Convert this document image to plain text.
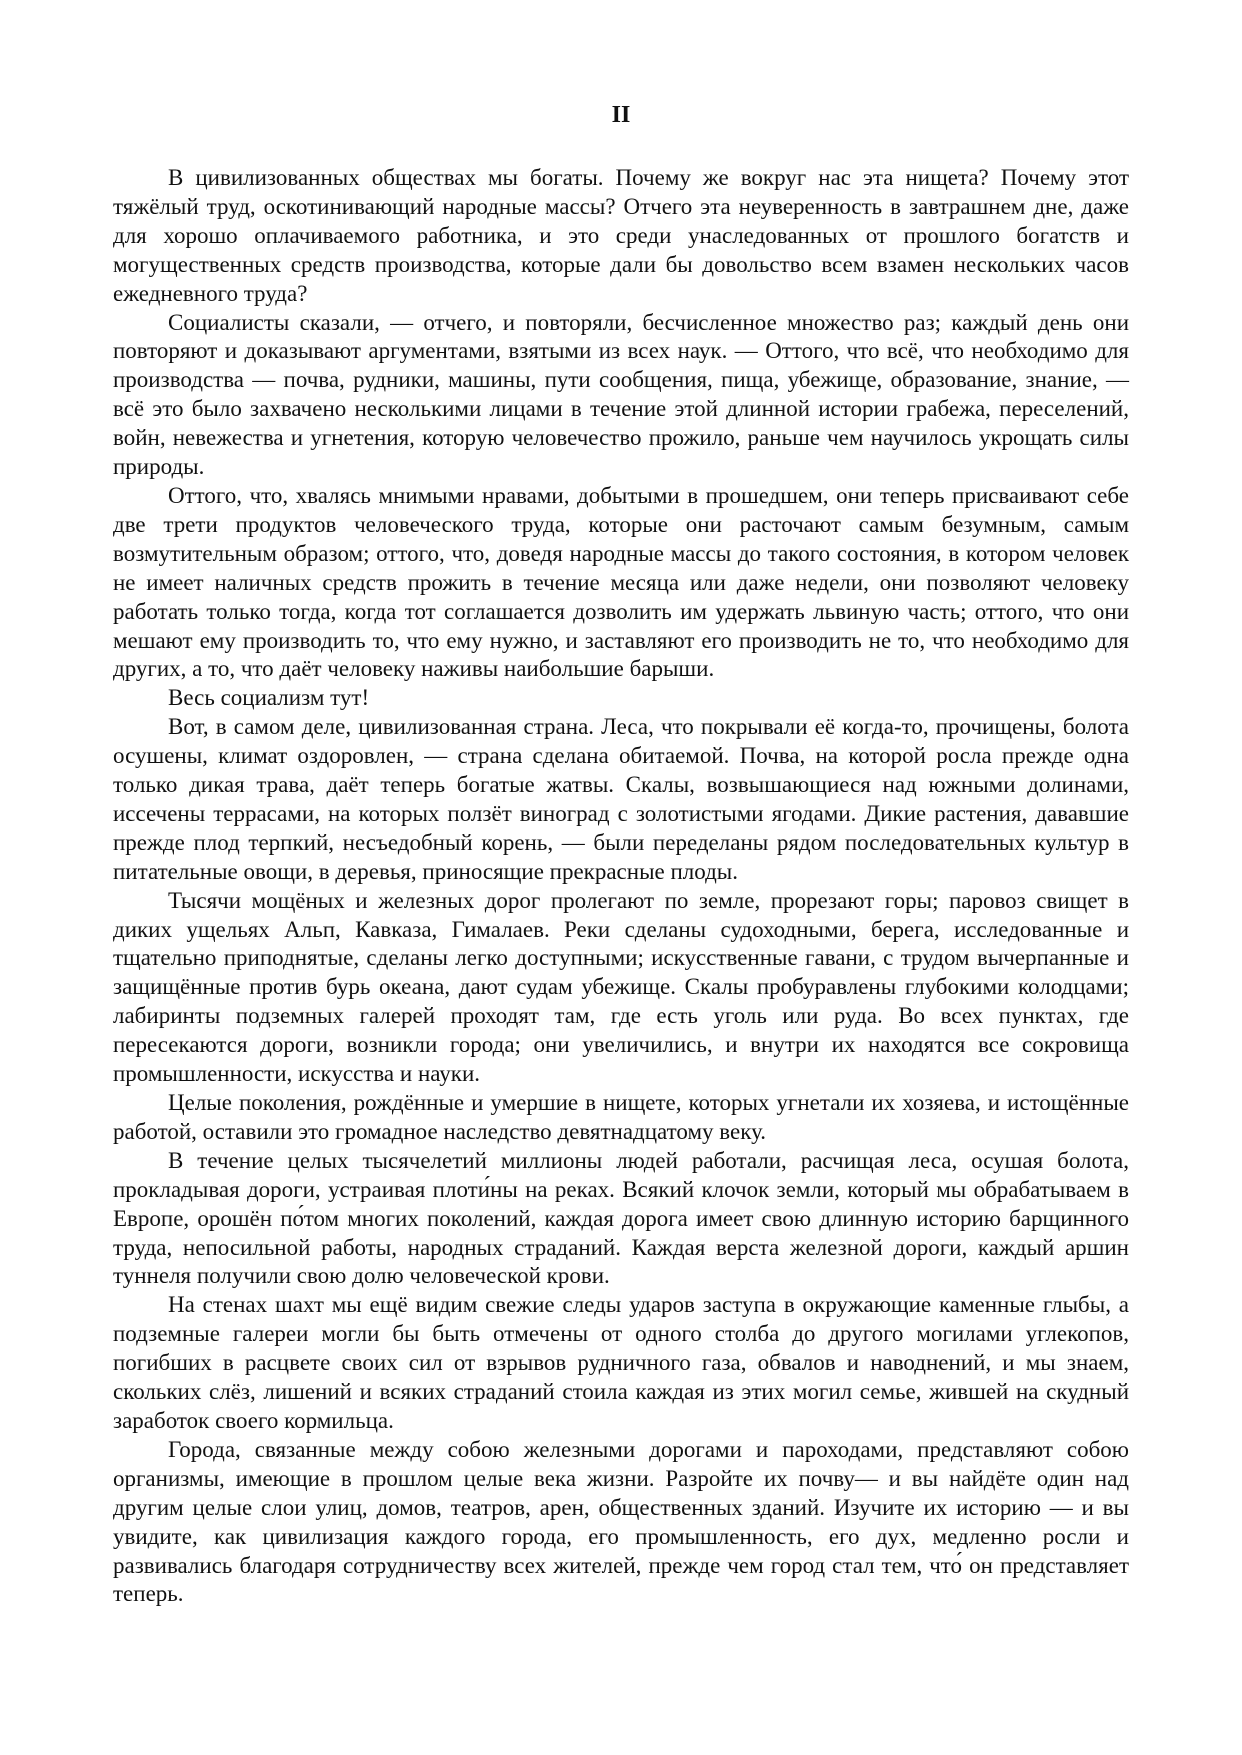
II

В цивилизованных обществах мы богаты. Почему же вокруг нас эта нищета? Почему этот тяжёлый труд, оскотинивающий народные массы? Отчего эта неуверенность в завтрашнем дне, даже для хорошо оплачиваемого работника, и это среди унаследованных от прошлого богатств и могущественных средств производства, которые дали бы довольство всем взамен нескольких часов ежедневного труда?

Социалисты сказали, — отчего, и повторяли, бесчисленное множество раз; каждый день они повторяют и доказывают аргументами, взятыми из всех наук. — Оттого, что всё, что необходимо для производства — почва, рудники, машины, пути сообщения, пища, убежище, образование, знание, — всё это было захвачено несколькими лицами в течение этой длинной истории грабежа, переселений, войн, невежества и угнетения, которую человечество прожило, раньше чем научилось укрощать силы природы.

Оттого, что, хвалясь мнимыми нравами, добытыми в прошедшем, они теперь присваивают себе две трети продуктов человеческого труда, которые они расточают самым безумным, самым возмутительным образом; оттого, что, доведя народные массы до такого состояния, в котором человек не имеет наличных средств прожить в течение месяца или даже недели, они позволяют человеку работать только тогда, когда тот соглашается дозволить им удержать львиную часть; оттого, что они мешают ему производить то, что ему нужно, и заставляют его производить не то, что необходимо для других, а то, что даёт человеку наживы наибольшие барыши.

Весь социализм тут!

Вот, в самом деле, цивилизованная страна. Леса, что покрывали её когда-то, прочищены, болота осушены, климат оздоровлен, — страна сделана обитаемой. Почва, на которой росла прежде одна только дикая трава, даёт теперь богатые жатвы. Скалы, возвышающиеся над южными долинами, иссечены террасами, на которых ползёт виноград с золотистыми ягодами. Дикие растения, дававшие прежде плод терпкий, несъедобный корень, — были переделаны рядом последовательных культур в питательные овощи, в деревья, приносящие прекрасные плоды.

Тысячи мощёных и железных дорог пролегают по земле, прорезают горы; паровоз свищет в диких ущельях Альп, Кавказа, Гималаев. Реки сделаны судоходными, берега, исследованные и тщательно приподнятые, сделаны легко доступными; искусственные гавани, с трудом вычерпанные и защищённые против бурь океана, дают судам убежище. Скалы пробуравлены глубокими колодцами; лабиринты подземных галерей проходят там, где есть уголь или руда. Во всех пунктах, где пересекаются дороги, возникли города; они увеличились, и внутри их находятся все сокровища промышленности, искусства и науки.

Целые поколения, рождённые и умершие в нищете, которых угнетали их хозяева, и истощённые работой, оставили это громадное наследство девятнадцатому веку.

В течение целых тысячелетий миллионы людей работали, расчищая леса, осушая болота, прокладывая дороги, устраивая плоти́ны на реках. Всякий клочок земли, который мы обрабатываем в Европе, орошён по́том многих поколений, каждая дорога имеет свою длинную историю барщинного труда, непосильной работы, народных страданий. Каждая верста железной дороги, каждый аршин туннеля получили свою долю человеческой крови.

На стенах шахт мы ещё видим свежие следы ударов заступа в окружающие каменные глыбы, а подземные галереи могли бы быть отмечены от одного столба до другого могилами углекопов, погибших в расцвете своих сил от взрывов рудничного газа, обвалов и наводнений, и мы знаем, скольких слёз, лишений и всяких страданий стоила каждая из этих могил семье, жившей на скудный заработок своего кормильца.

Города, связанные между собою железными дорогами и пароходами, представляют собою организмы, имеющие в прошлом целые века жизни. Разройте их почву— и вы найдёте один над другим целые слои улиц, домов, театров, арен, общественных зданий. Изучите их историю — и вы увидите, как цивилизация каждого города, его промышленность, его дух, медленно росли и развивались благодаря сотрудничеству всех жителей, прежде чем город стал тем, что́ он представляет теперь.
